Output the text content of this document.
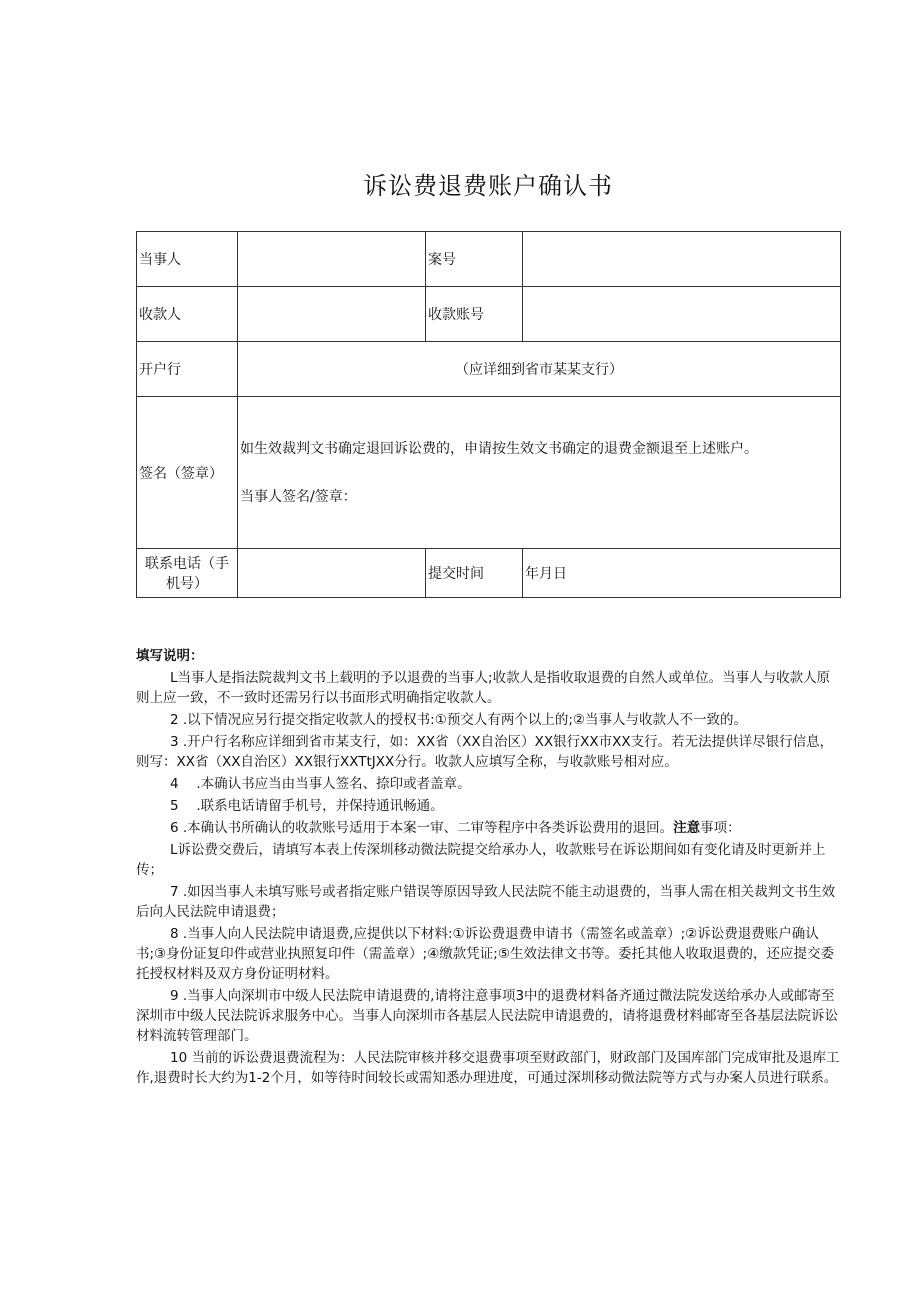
诉讼费退费账户确认书
当事人		案号	
收款人		收款账号	
开户行	（应详细到省市某某支行）		
签名（签章）	如生效裁判文书确定退回诉讼费的，申请按生效文书确定的退费金额退至上述账户。
当事人签名/签章：		

联系电话（手机号）		提交时间	年月日
填写说明：

L当事人是指法院裁判文书上载明的予以退费的当事人;收款人是指收取退费的自然人或单位。当事人与收款人原则上应一致，不一致时还需另行以书面形式明确指定收款人。

2 .以下情况应另行提交指定收款人的授权书:①预交人有两个以上的;②当事人与收款人不一致的。

3 .开户行名称应详细到省市某支行，如：XX省（XX自治区）XX银行XX市XX支行。若无法提供详尽银行信息，则写：XX省（XX自治区）XX银行XXTtJXX分行。收款人应填写全称，与收款账号相对应。

4　 .本确认书应当由当事人签名、捺印或者盖章。

5　 .联系电话请留手机号，并保持通讯畅通。

6 .本确认书所确认的收款账号适用于本案一审、二审等程序中各类诉讼费用的退回。注意事项：

L诉讼费交费后，请填写本表上传深圳移动微法院提交给承办人，收款账号在诉讼期间如有变化请及时更新并上传；

7 .如因当事人未填写账号或者指定账户错误等原因导致人民法院不能主动退费的，当事人需在相关裁判文书生效后向人民法院申请退费；

8 .当事人向人民法院申请退费,应提供以下材料:①诉讼费退费申请书（需签名或盖章）;②诉讼费退费账户确认书;③身份证复印件或营业执照复印件（需盖章）;④缴款凭证;⑤生效法律文书等。委托其他人收取退费的，还应提交委托授权材料及双方身份证明材料。

9 .当事人向深圳市中级人民法院申请退费的,请将注意事项3中的退费材料备齐通过微法院发送给承办人或邮寄至深圳市中级人民法院诉求服务中心。当事人向深圳市各基层人民法院申请退费的，请将退费材料邮寄至各基层法院诉讼材料流转管理部门。

10 当前的诉讼费退费流程为：人民法院审核并移交退费事项至财政部门，财政部门及国库部门完成审批及退库工作,退费时长大约为1-2个月，如等待时间较长或需知悉办理进度，可通过深圳移动微法院等方式与办案人员进行联系。
